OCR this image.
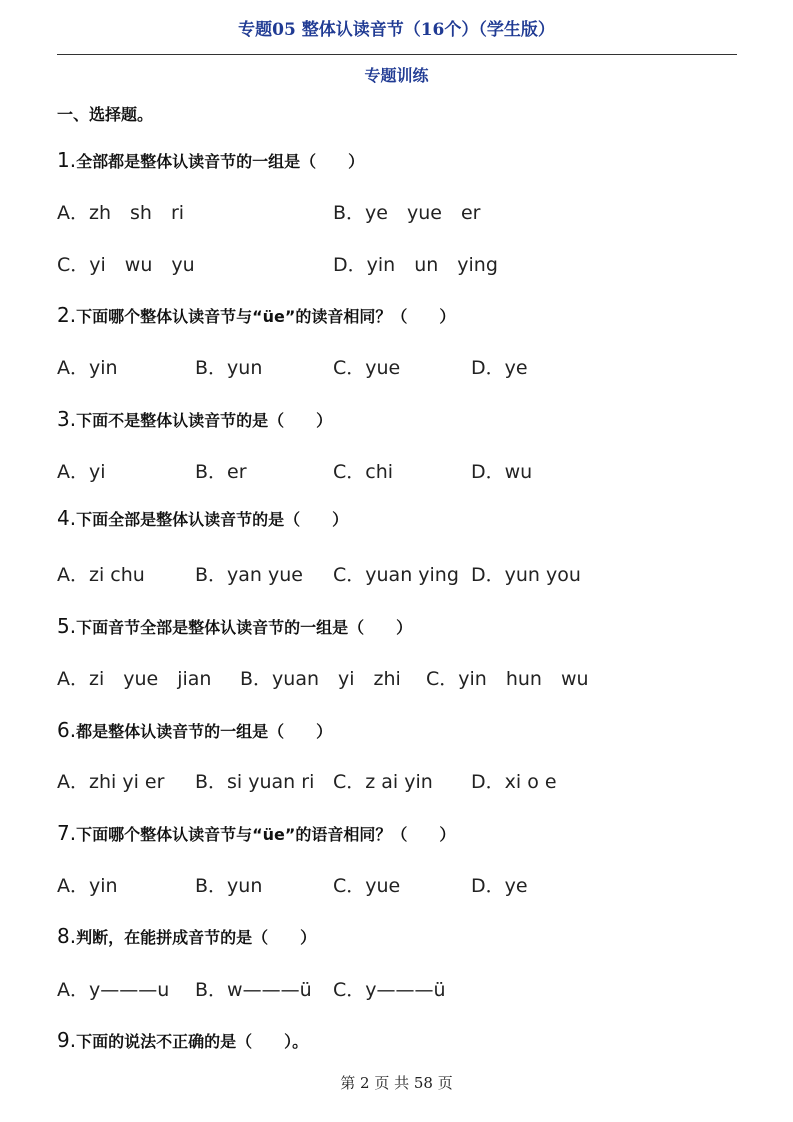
专题05 整体认读音节（16个）（学生版）
专题训练
一、选择题。
1.全部都是整体认读音节的一组是（　　）
A．zh　sh　ri	B．ye　yue　er
C．yi　wu　yu	D．yin　un　ying
2.下面哪个整体认读音节与“üe”的读音相同？（　　）
A．yin	B．yun	C．yue	D．ye
3.下面不是整体认读音节的是（　　）
A．yi	B．er	C．chi	D．wu
4.下面全部是整体认读音节的是（　　）
A．zi chu	B．yan yue C．yuan ying D．yun you
5.下面音节全部是整体认读音节的一组是（　　）
A．zi　yue　jian B．yuan　yi　zhi C．yin　hun　wu
6.都是整体认读音节的一组是（　　）
A．zhi yi er B．si yuan ri C．z ai yin D．xi o e
7.下面哪个整体认读音节与“üe”的语音相同？（　　）
A．yin	B．yun	C．yue	D．ye
8.判断，在能拼成音节的是（　　）
A．y———u B．w———ü C．y———ü
9.下面的说法不正确的是（　　）。
第 2 页 共 58 页
